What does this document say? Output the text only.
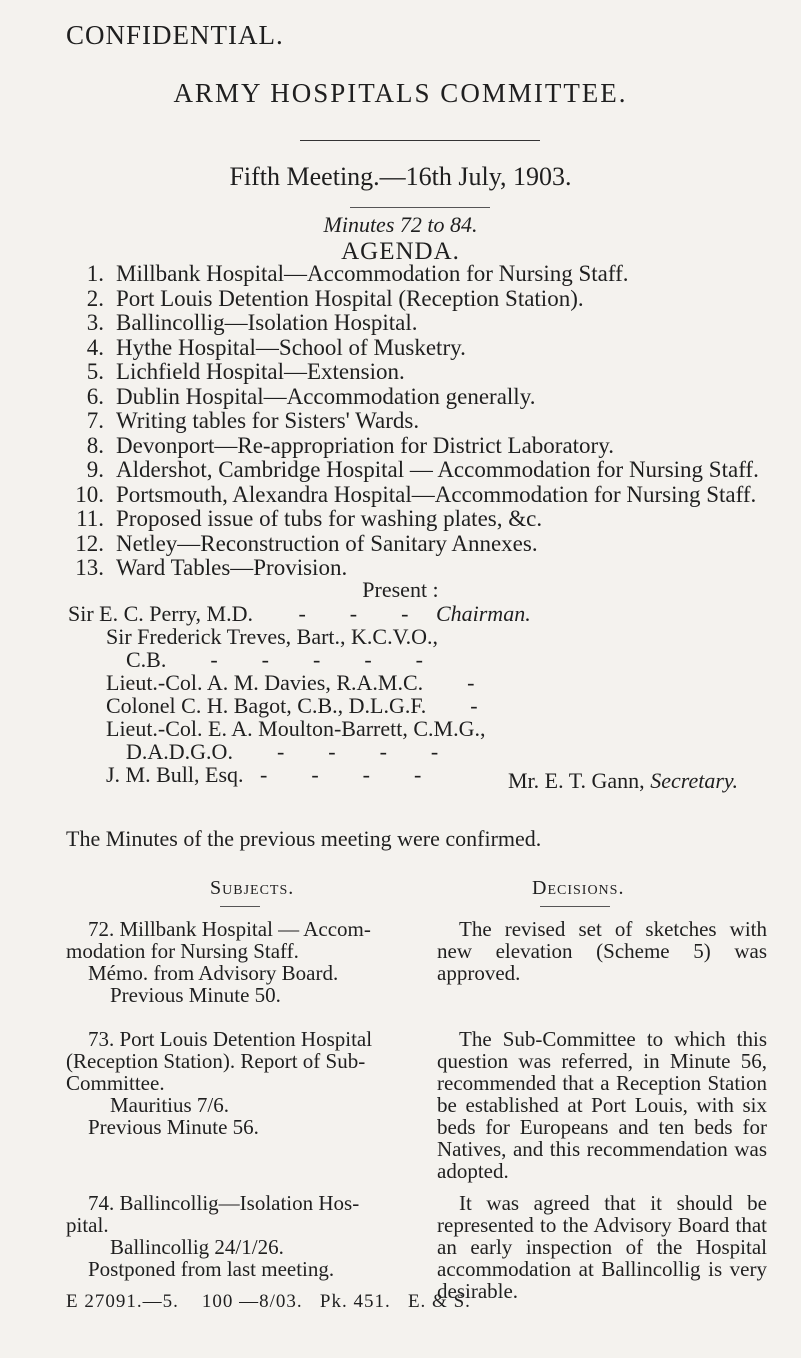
CONFIDENTIAL.
ARMY HOSPITALS COMMITTEE.
Fifth Meeting.—16th July, 1903.
Minutes 72 to 84.
AGENDA.
1. Millbank Hospital—Accommodation for Nursing Staff.
2. Port Louis Detention Hospital (Reception Station).
3. Ballincollig—Isolation Hospital.
4. Hythe Hospital—School of Musketry.
5. Lichfield Hospital—Extension.
6. Dublin Hospital—Accommodation generally.
7. Writing tables for Sisters' Wards.
8. Devonport—Re-appropriation for District Laboratory.
9. Aldershot, Cambridge Hospital — Accommodation for Nursing Staff.
10. Portsmouth, Alexandra Hospital—Accommodation for Nursing Staff.
11. Proposed issue of tubs for washing plates, &c.
12. Netley—Reconstruction of Sanitary Annexes.
13. Ward Tables—Provision.
Present :
Sir E. C. Perry, M.D. -        -        - Chairman.
Sir Frederick Treves, Bart., K.C.V.O.,
C.B.        -        -        -        -        -
Lieut.-Col. A. M. Davies, R.A.M.C.        -
Colonel C. H. Bagot, C.B., D.L.G.F.        -
Lieut.-Col. E. A. Moulton-Barrett, C.M.G.,
D.A.D.G.O.        -        -        -        -
J. M. Bull, Esq.   -        -        -        -	Mr. E. T. Gann, Secretary.
The Minutes of the previous meeting were confirmed.
Subjects.	Decisions.
72. Millbank Hospital — Accom-
modation for Nursing Staff.
Mémo. from Advisory Board.
Previous Minute 50.
The revised set of sketches with new elevation (Scheme 5) was approved.
73. Port Louis Detention Hospital
(Reception Station). Report of Sub-
Committee.
Mauritius 7/6.
Previous Minute 56.
The Sub-Committee to which this question was referred, in Minute 56, recommended that a Reception Station be established at Port Louis, with six beds for Europeans and ten beds for Natives, and this recommendation was adopted.
74. Ballincollig—Isolation Hos-
pital.
Ballincollig 24/1/26.
Postponed from last meeting.
It was agreed that it should be represented to the Advisory Board that an early inspection of the Hospital accommodation at Ballincollig is very desirable.
E 27091.—5.    100 —8/03.   Pk. 451.   E. & S.
